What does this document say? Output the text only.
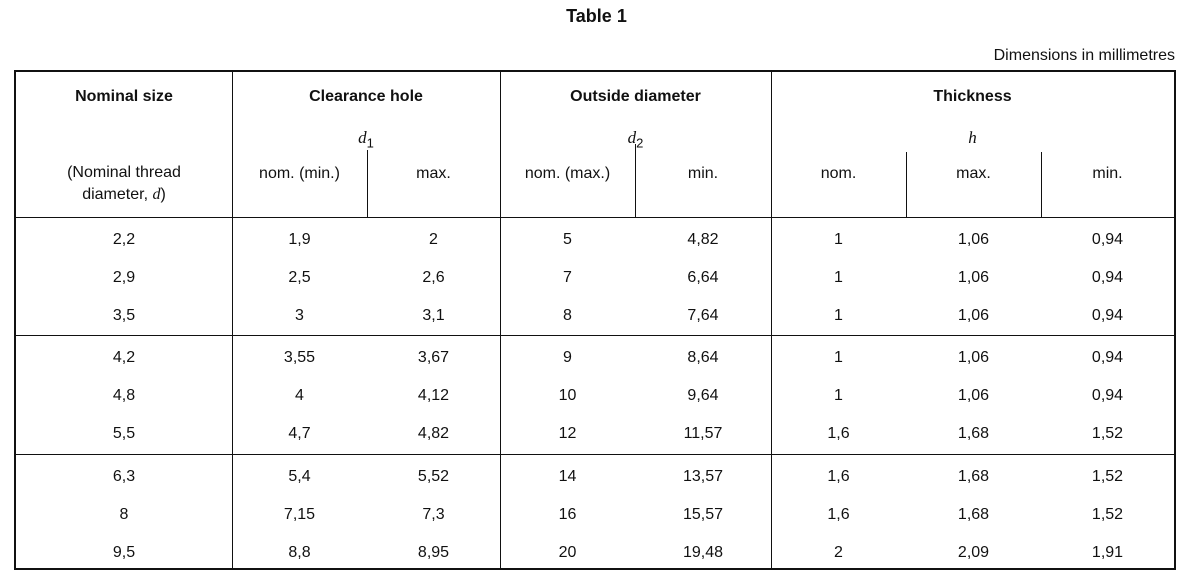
Table 1
Dimensions in millimetres
Nominal size	Clearance hole	Outside diameter	Thickness
$d_1$	$d_2$	h
(Nominal thread
diameter, d)
nom. (min.)	max.	nom. (max.)	min.	nom.	max.	min.
2,2	1,9	2	5	4,82	1	1,06	0,94
2,9	2,5	2,6	7	6,64	1	1,06	0,94
3,5	3	3,1	8	7,64	1	1,06	0,94
4,2	3,55	3,67	9	8,64	1	1,06	0,94
4,8	4	4,12	10	9,64	1	1,06	0,94
5,5	4,7	4,82	12	11,57	1,6	1,68	1,52
6,3	5,4	5,52	14	13,57	1,6	1,68	1,52
8	7,15	7,3	16	15,57	1,6	1,68	1,52
9,5	8,8	8,95	20	19,48	2	2,09	1,91
